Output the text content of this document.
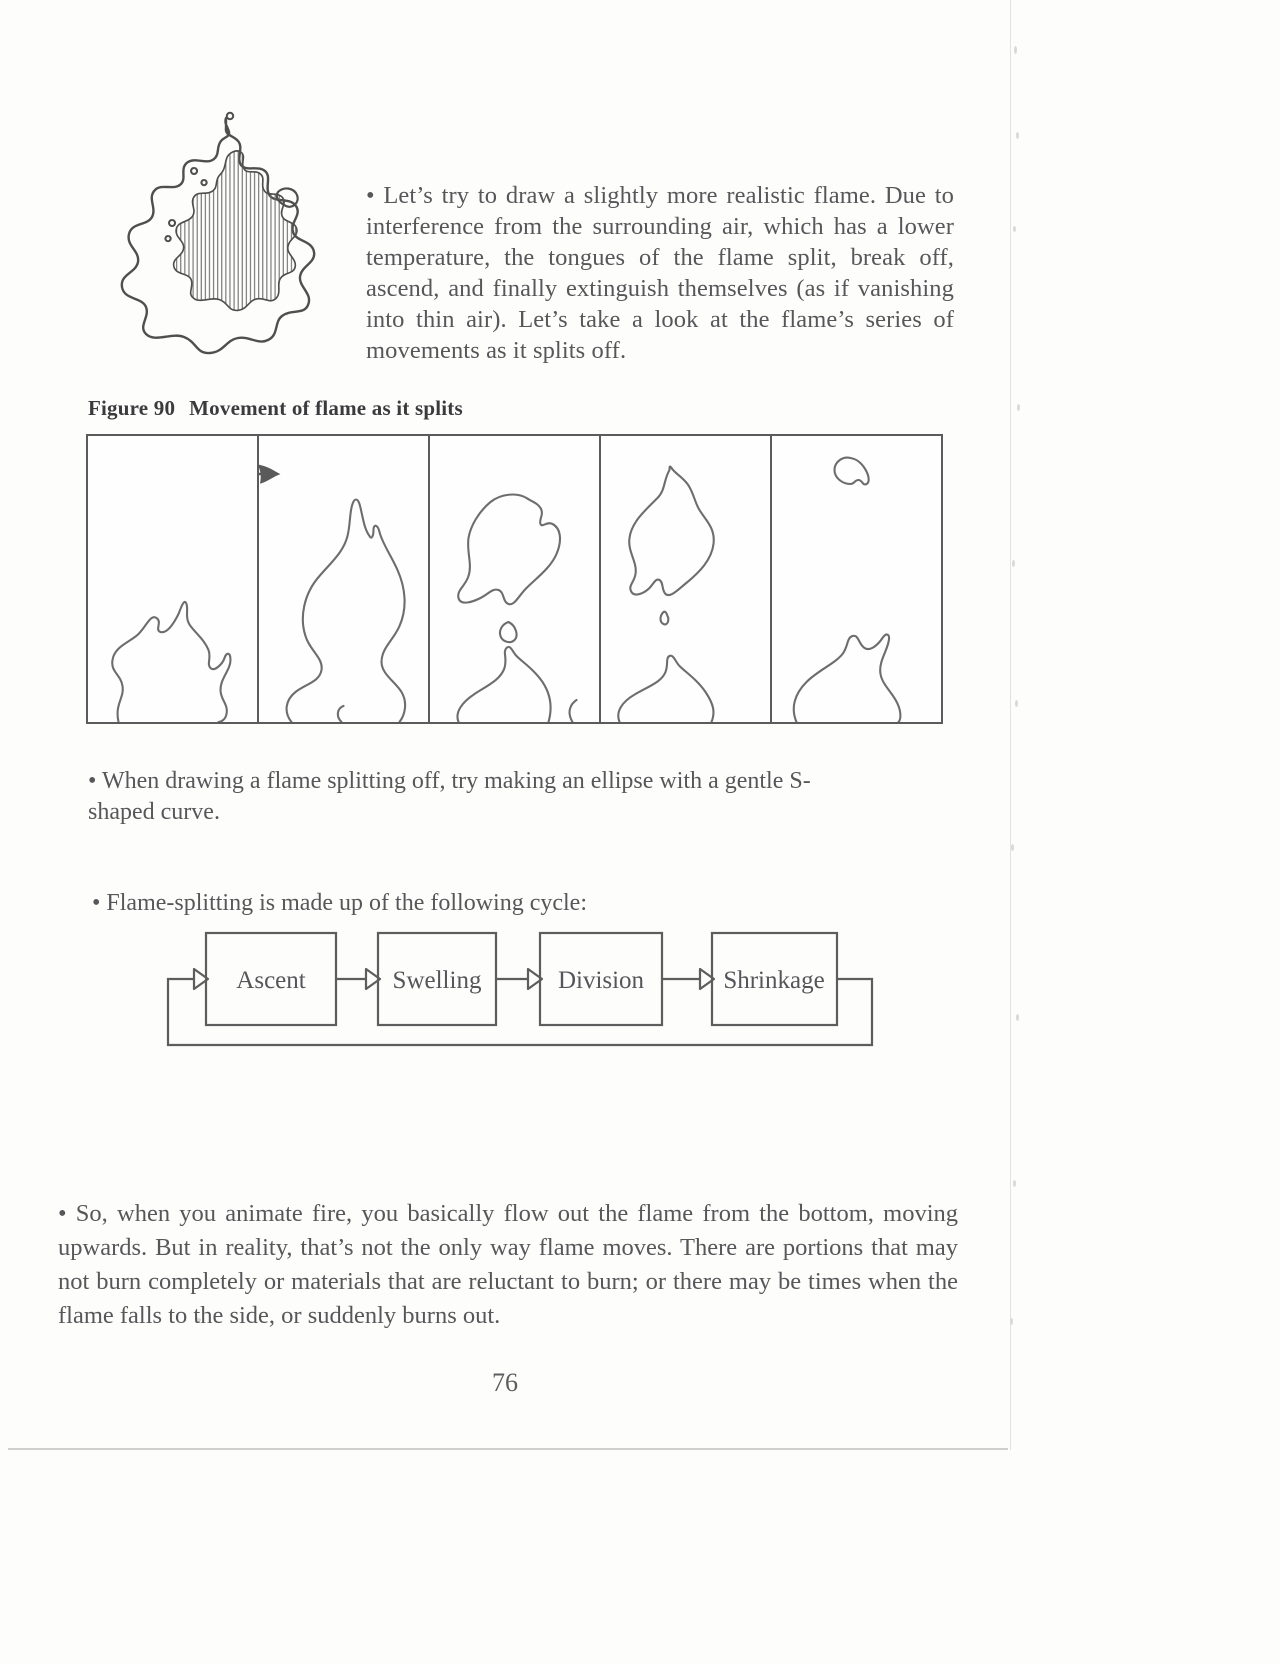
• Let’s try to draw a slightly more realistic flame. Due to interference from the surrounding air, which has a lower temperature, the tongues of the flame split, break off, ascend, and finally extinguish themselves (as if vanishing into thin air). Let’s take a look at the flame’s series of movements as it splits off.

Figure 90 Movement of flame as it splits

• When drawing a flame splitting off, try making an ellipse with a gentle S-
shaped curve.

• Flame-splitting is made up of the following cycle:

Ascent	Swelling	Division	Shrinkage

• So, when you animate fire, you basically flow out the flame from the bottom, moving upwards. But in reality, that’s not the only way flame moves. There are portions that may not burn completely or materials that are reluctant to burn; or there may be times when the flame falls to the side, or suddenly burns out.

76
